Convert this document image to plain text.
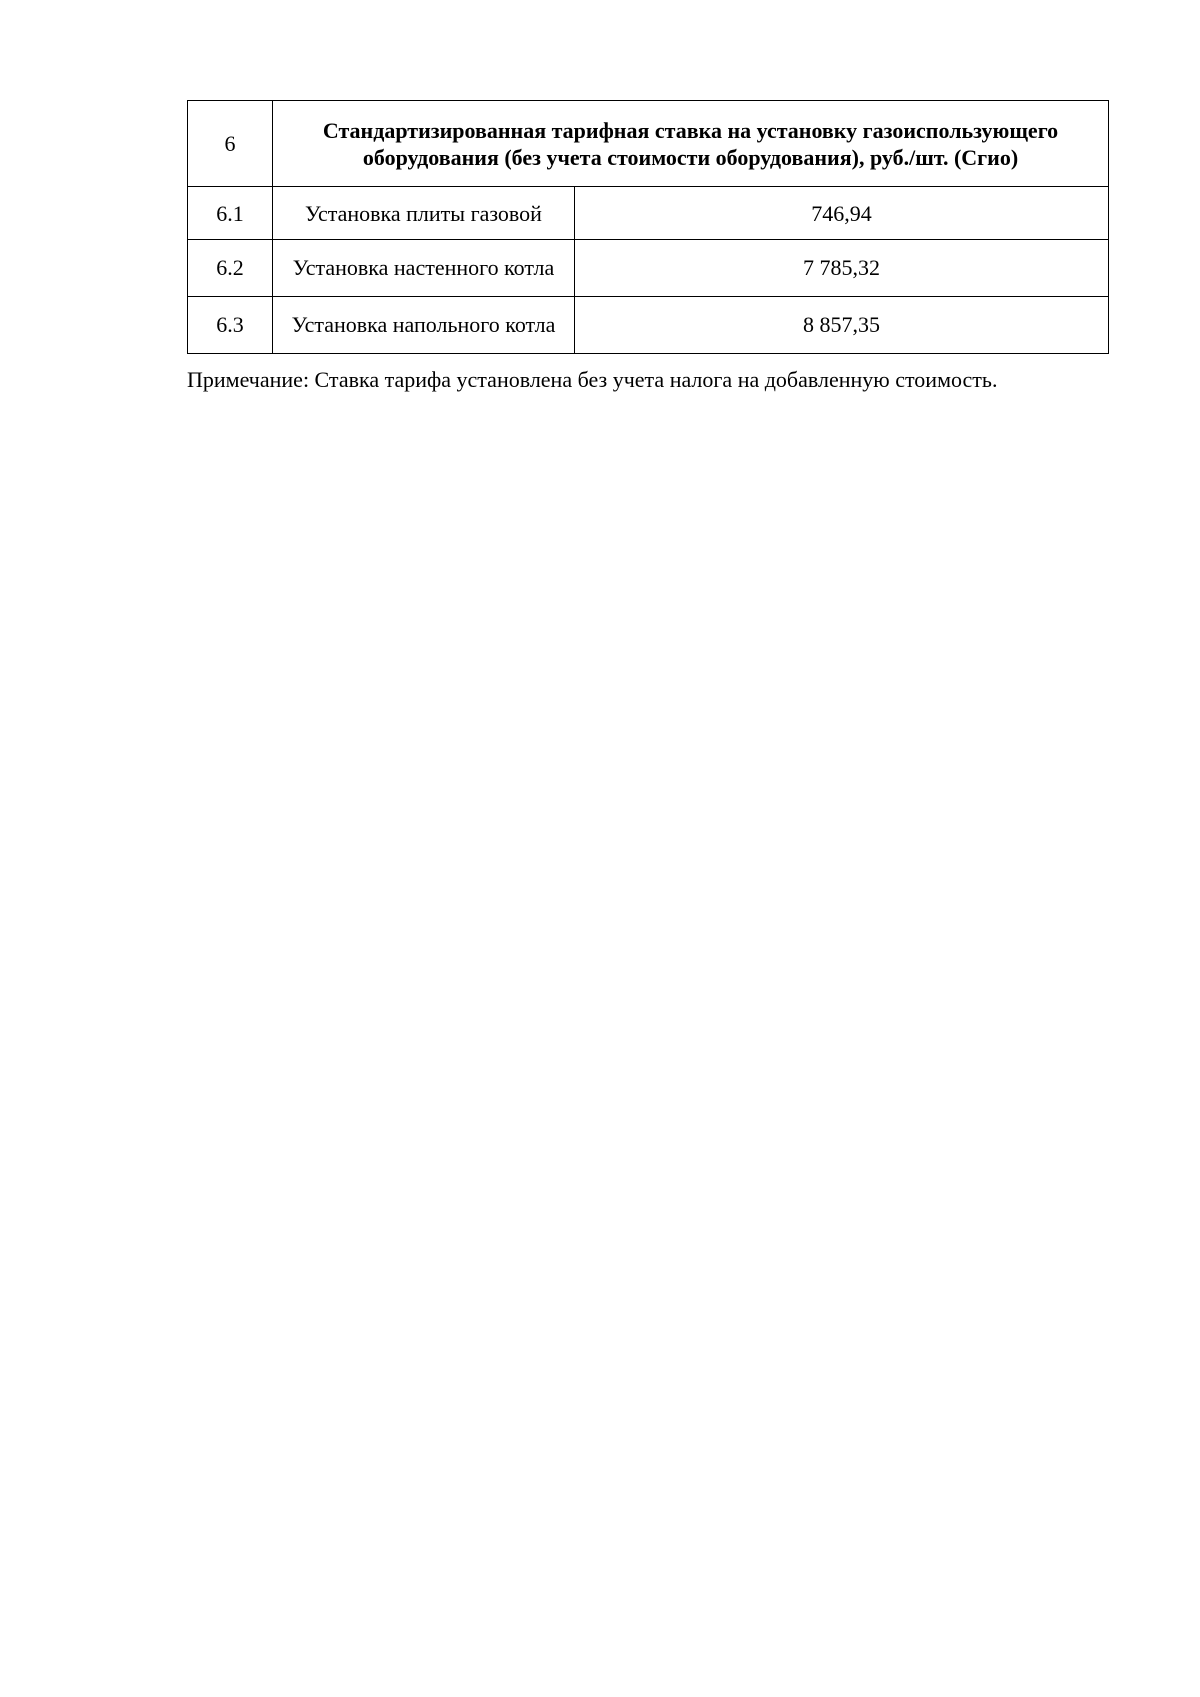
6	Стандартизированная тарифная ставка на установку газоиспользующего оборудования (без учета стоимости оборудования), руб./шт. (Сгио)	
6.1	Установка плиты газовой	746,94
6.2	Установка настенного котла	7 785,32
6.3	Установка напольного котла	8 857,35
Примечание: Ставка тарифа установлена без учета налога на добавленную стоимость.
